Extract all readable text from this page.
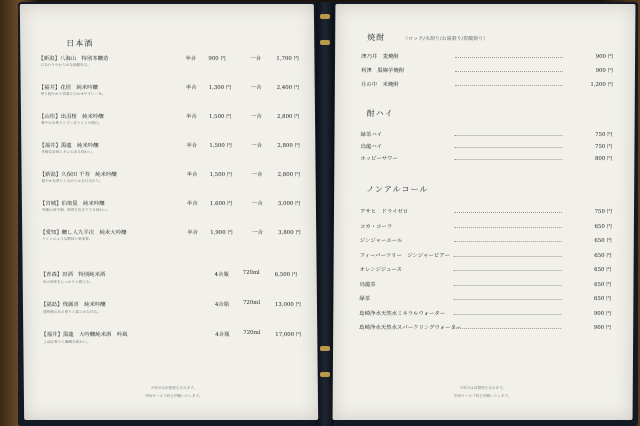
日本酒
【新潟】八海山　特別本醸造	半合 900 円	一合	1,700 円
口当たりやわらかな淡麗辛口。
【福井】花垣　純米吟醸	半合 1,300 円	一合	2,400 円
香り穏やかで食事に合わせやすい一本。
【山形】出羽桜　純米吟醸	半合 1,500 円	一合	2,800 円
華やかな香りとすっきりとした後口。
【福井】黒龍　純米吟醸	半合 1,500 円	一合	2,800 円
芳醇な旨味とキレのある味わい。
【新潟】久保田 千寿　純米吟醸	半合 1,500 円	一合	2,800 円
穏やかな香りとなめらかな口当たり。
【宮城】伯楽星　純米吟醸	半合 1,600 円	一合	3,000 円
究極の食中酒。料理を引き立てる味わい。
【愛知】醸し人九平次　純米大吟醸	半合 1,900 円	一合	3,800 円
ワインのような酸味と果実香。
【青森】田酒　特別純米酒	4合瓶	720ml	6,500 円
米の旨味をしっかりと感じる。
【福島】飛露喜　純米吟醸	4合瓶	720ml	13,000 円
透明感のある香りと柔らかな甘み。
【福井】黒龍　大吟醸純米酒　吟風	4合瓶	720ml	17,000 円
上品な香りと繊細な味わい。
※料金は消費税を含みます。
別途サービス料を頂戴いたします。
焼酎	（ロック/水割り/お湯割り/炭酸割り）
津乃井　麦焼酎	900 円
利津　黒麹芋焼酎	900 円
月の中　米焼酎	1,200 円
酎ハイ
緑茶ハイ	750 円
烏龍ハイ	750 円
ホッピーサワー	800 円
ノンアルコール
アサヒ　ドライゼロ	750 円
コカ・コーラ	650 円
ジンジャーエール	650 円
フィーバーツリー　ジンジャービアー	650 円
オレンジジュース	650 円
烏龍茶	650 円
緑茶	650 円
島崎浄水天然水ミネラルウォーター	900 円
島崎浄水天然水スパークリングウォーター	900 円
※料金は消費税を含みます。
別途サービス料を頂戴いたします。
